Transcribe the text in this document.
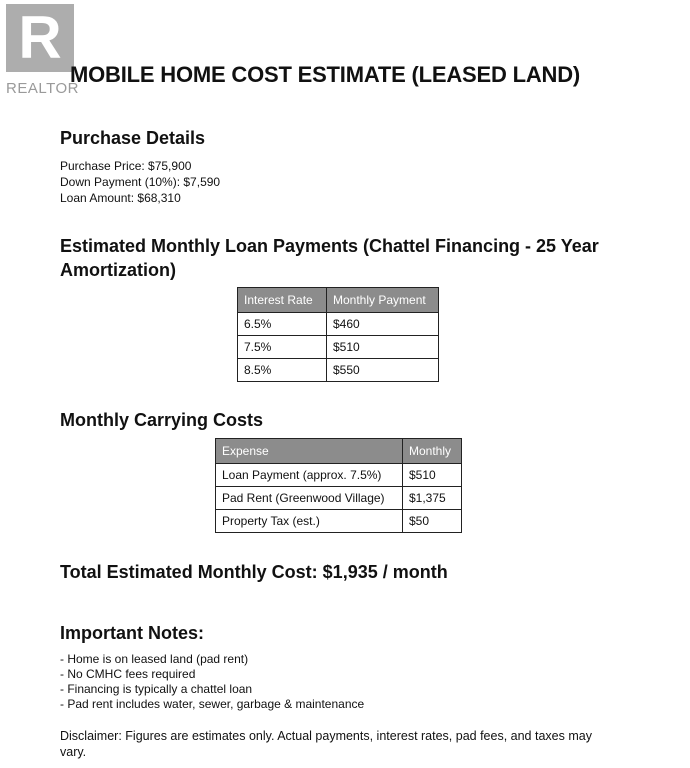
R
REALTOR
MOBILE HOME COST ESTIMATE (LEASED LAND)
Purchase Details
Purchase Price: $75,900
Down Payment (10%): $7,590
Loan Amount: $68,310
Estimated Monthly Loan Payments (Chattel Financing - 25 Year
Amortization)
Interest Rate	Monthly Payment
6.5%	$460
7.5%	$510
8.5%	$550
Monthly Carrying Costs
Expense	Monthly
Loan Payment (approx. 7.5%)	$510
Pad Rent (Greenwood Village)	$1,375
Property Tax (est.)	$50
Total Estimated Monthly Cost: $1,935 / month
Important Notes:
- Home is on leased land (pad rent)
- No CMHC fees required
- Financing is typically a chattel loan
- Pad rent includes water, sewer, garbage & maintenance
Disclaimer: Figures are estimates only. Actual payments, interest rates, pad fees, and taxes may
vary.
